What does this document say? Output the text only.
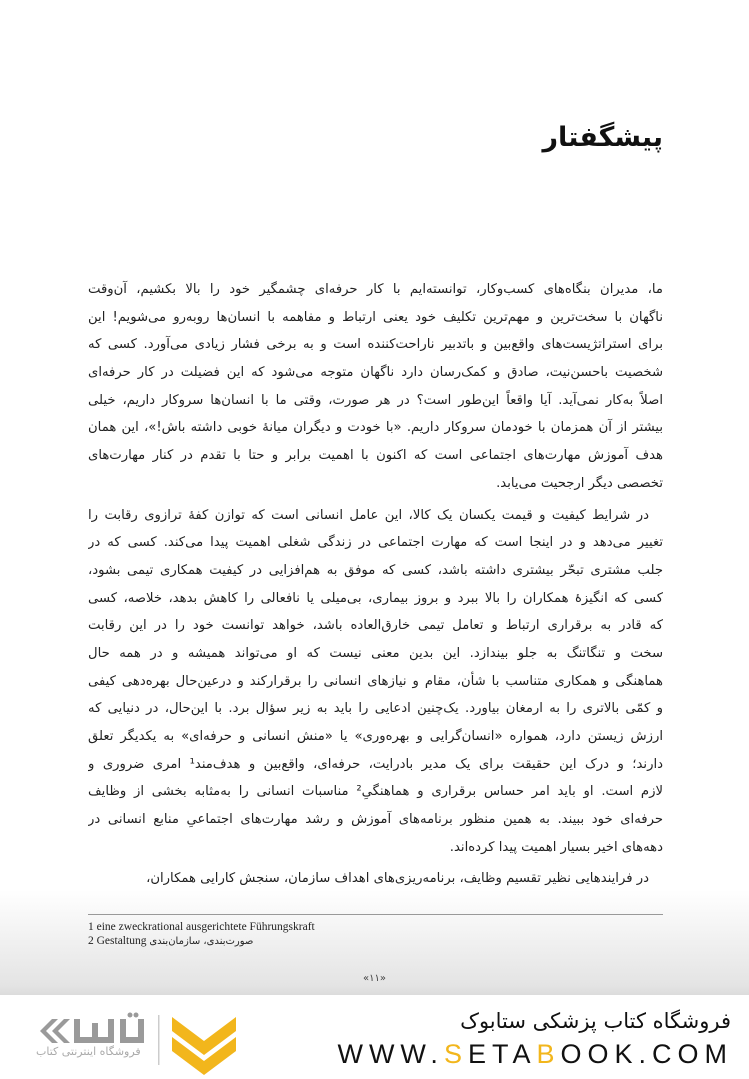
پیشگفتار
ما، مدیران بنگاه‌های کسب‌وکار، توانسته‌ایم با کار حرفه‌ای چشمگیر خود را بالا بکشیم، آن‌وقت
ناگهان با سخت‌ترین و مهم‌ترین تکلیف خود یعنی ارتباط و مفاهمه با انسان‌ها روبه‌رو می‌شویم! این
برای استراتژیست‌های واقع‌بین و باتدبیر ناراحت‌کننده است و به برخی فشار زیادی می‌آورد. کسی که
شخصیت باحسن‌نیت، صادق و کمک‌رسان دارد ناگهان متوجه می‌شود که این فضیلت در کار حرفه‌ای
اصلاً به‌کار نمی‌آید. آیا واقعاً این‌طور است؟ در هر صورت، وقتی ما با انسان‌ها سروکار داریم، خیلی
بیشتر از آن همزمان با خودمان سروکار داریم. «با خودت و دیگران میانهٔ خوبی داشته باش!»، این همان
هدف آموزش مهارت‌های اجتماعی است که اکنون با اهمیت برابر و حتا با تقدم در کنار مهارت‌های
تخصصی دیگر ارجحیت می‌یابد.
در شرایط کیفیت و قیمت یکسان یک کالا، این عامل انسانی است که توازن کفهٔ ترازوی رقابت را
تغییر می‌دهد و در اینجا است که مهارت اجتماعی در زندگی شغلی اهمیت پیدا می‌کند. کسی که در
جلب مشتری تبحّر بیشتری داشته باشد، کسی که موفق به هم‌افزایی در کیفیت همکاری تیمی بشود،
کسی که انگیزهٔ همکاران را بالا ببرد و بروز بیماری، بی‌میلی یا نافعالی را کاهش بدهد، خلاصه، کسی
که قادر به برقراری ارتباط و تعامل تیمی خارق‌العاده باشد، خواهد توانست خود را در این رقابت
سخت و تنگاتنگ به جلو بیندازد. این بدین معنی نیست که او می‌تواند همیشه و در همه حال
هماهنگی و همکاری متناسب با شأن، مقام و نیازهای انسانی را برقرارکند و درعین‌حال بهره‌دهی کیفی
و کمّی بالاتری را به ارمغان بیاورد. یک‌چنین ادعایی را باید به زیر سؤال برد. با این‌حال، در دنیایی که
ارزش زیستن دارد، همواره «انسان‌گرایی و بهره‌وری» یا «منش انسانی و حرفه‌ای» به یکدیگر تعلق
دارند؛ و درک این حقیقت برای یک مدیر بادرایت، حرفه‌ای، واقع‌بین و هدف‌مند¹ امری ضروری و
لازم است. او باید امر حساس برقراری و هماهنگیِ² مناسبات انسانی را به‌مثابه بخشی از وظایف
حرفه‌ای خود ببیند. به همین منظور برنامه‌های آموزش و رشد مهارت‌های اجتماعیِ منابع انسانی در
دهه‌های اخیر بسیار اهمیت پیدا کرده‌اند.
در فرایندهایی نظیر تقسیم وظایف، برنامه‌ریزی‌های اهداف سازمان، سنجش کارایی همکاران،
1 eine zweckrational ausgerichtete Führungskraft
2 Gestaltung صورت‌بندی، سازمان‌بندی
«۱۱»
فروشگاه اینترنتی کتاب
فروشگاه کتاب پزشکی ستابوک
WWW.SETABOOK.COM
